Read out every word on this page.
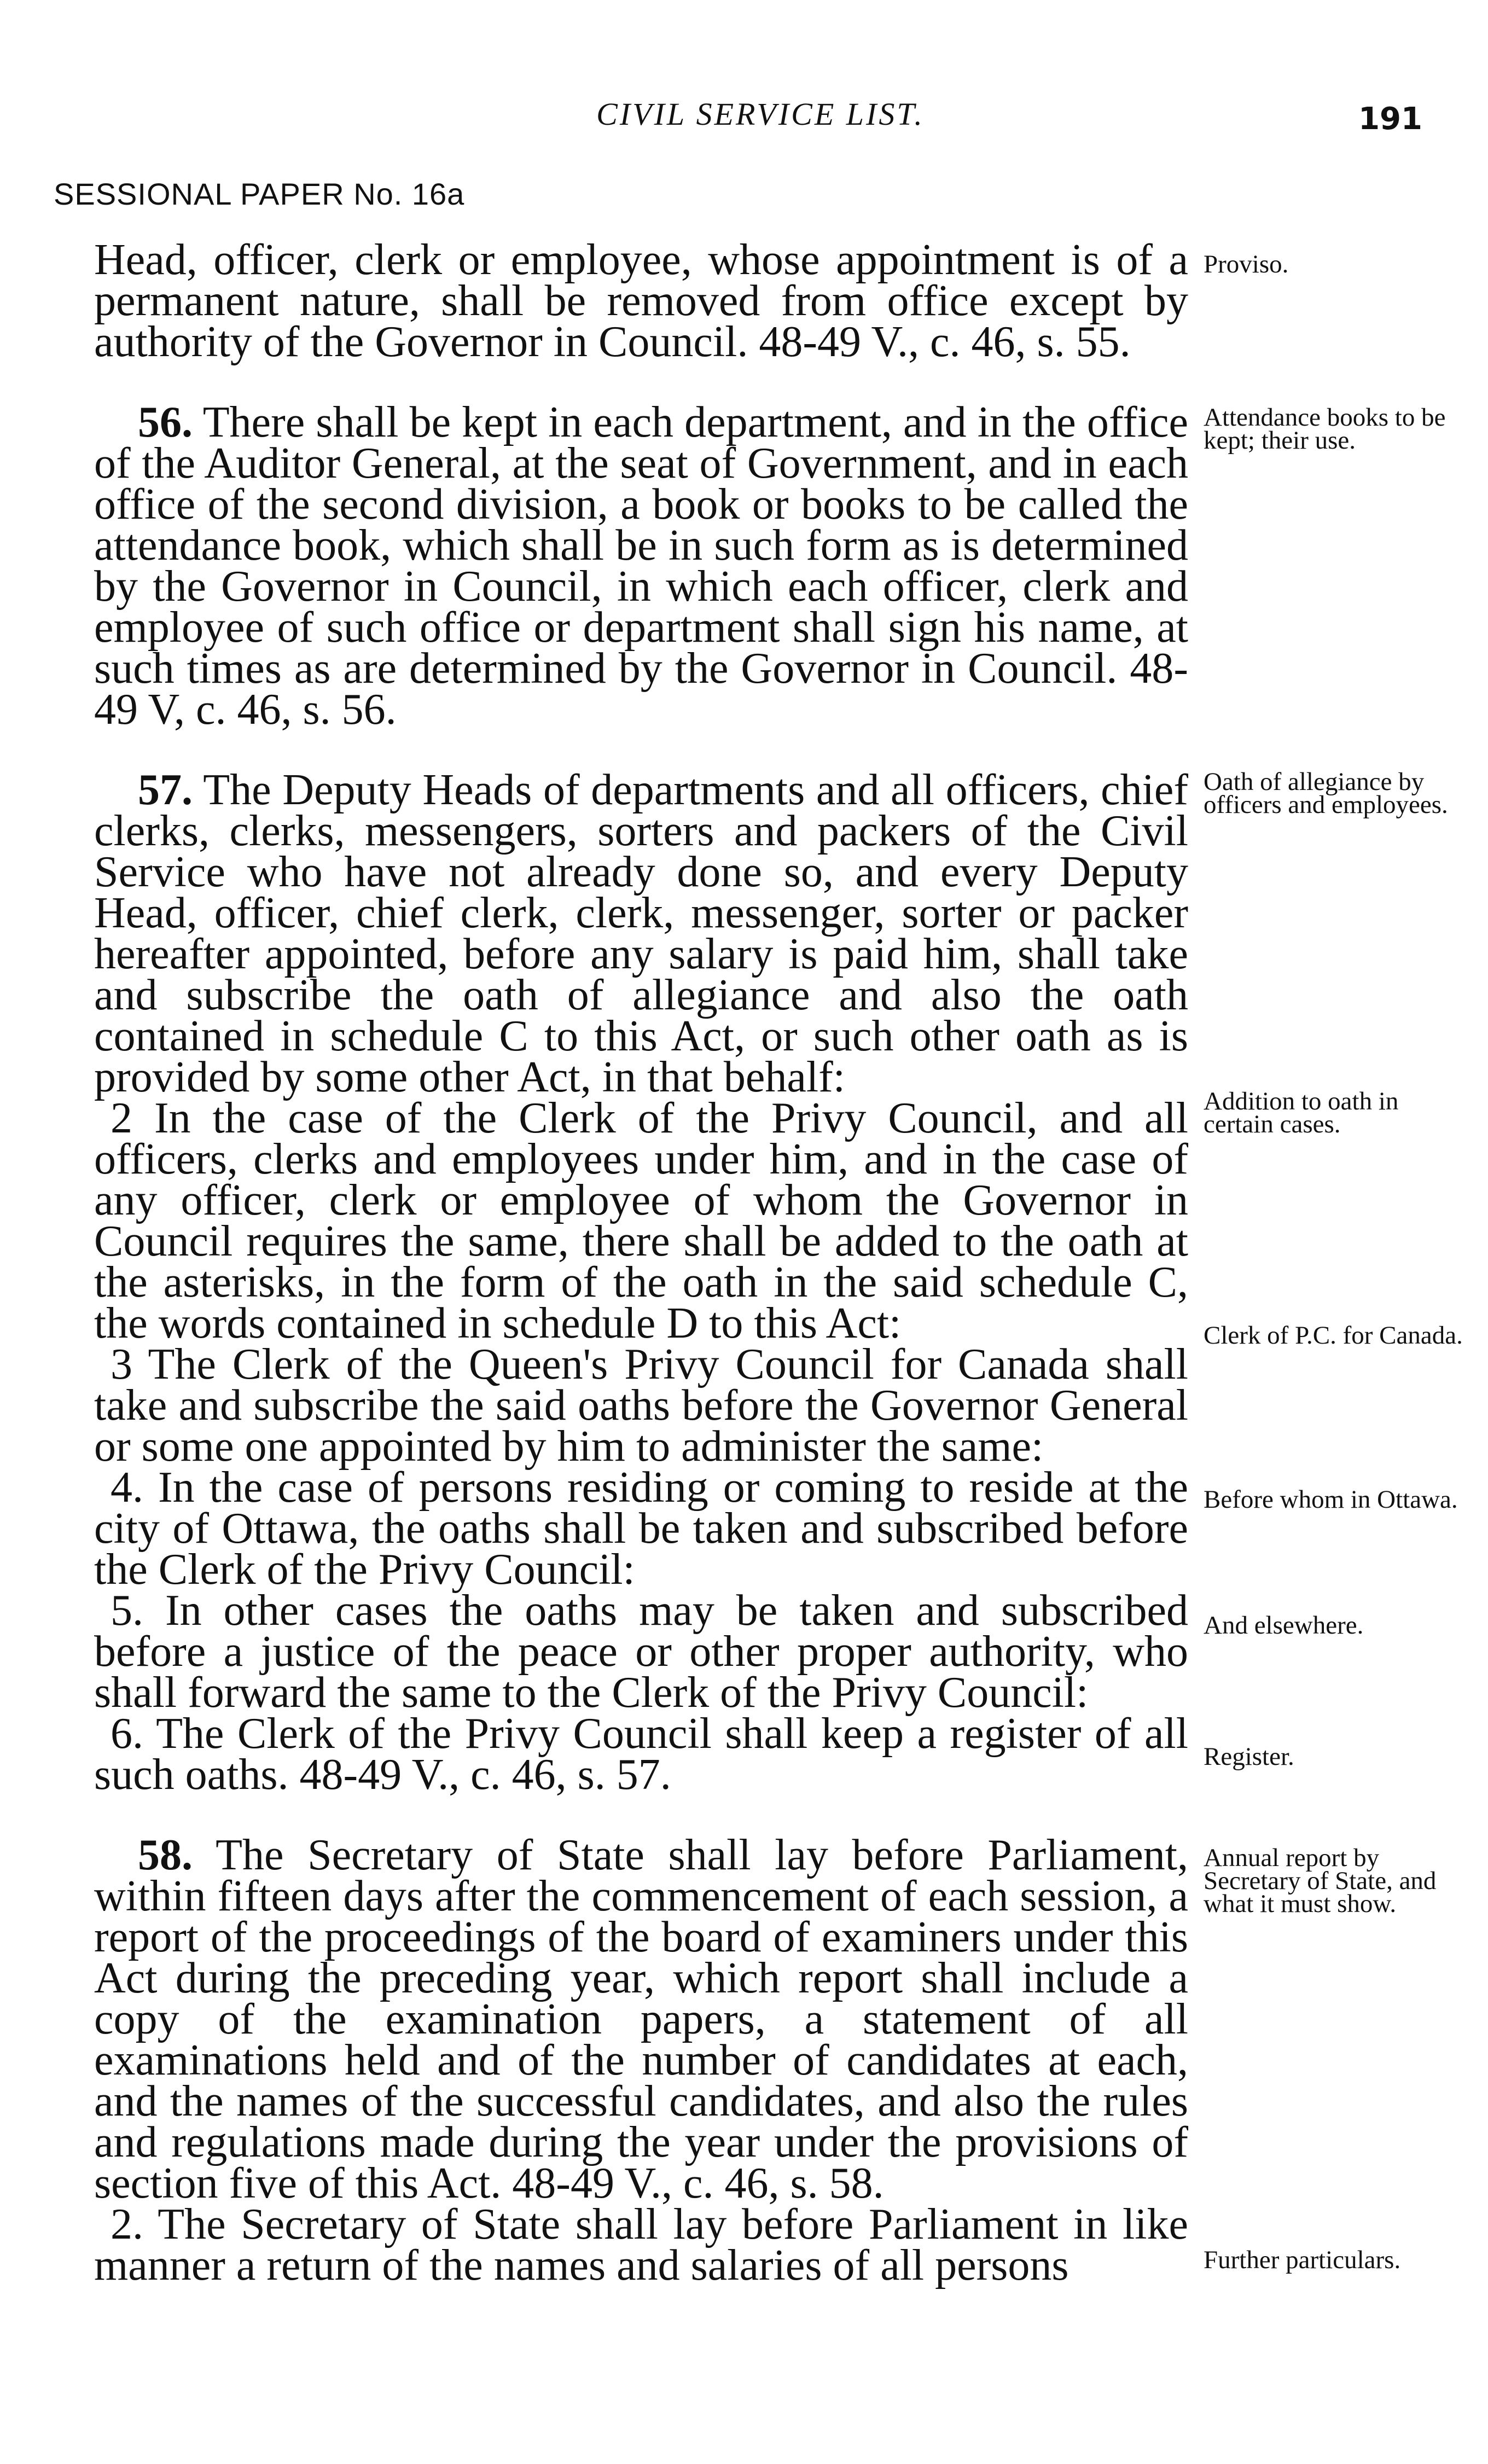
CIVIL SERVICE LIST.	191
SESSIONAL PAPER No. 16a

Head, officer, clerk or employee, whose appointment is of a permanent nature, shall be removed from office except by authority of the Governor in Council. 48-49 V., c. 46, s. 55.

56. There shall be kept in each department, and in the office of the Auditor General, at the seat of Government, and in each office of the second division, a book or books to be called the attendance book, which shall be in such form as is determined by the Governor in Council, in which each officer, clerk and employee of such office or department shall sign his name, at such times as are determined by the Governor in Council. 48-49 V, c. 46, s. 56.

57. The Deputy Heads of departments and all officers, chief clerks, clerks, messengers, sorters and packers of the Civil Service who have not already done so, and every Deputy Head, officer, chief clerk, clerk, messenger, sorter or packer hereafter appointed, before any salary is paid him, shall take and subscribe the oath of allegiance and also the oath contained in schedule C to this Act, or such other oath as is provided by some other Act, in that behalf:

2 In the case of the Clerk of the Privy Council, and all officers, clerks and employees under him, and in the case of any officer, clerk or employee of whom the Governor in Council requires the same, there shall be added to the oath at the asterisks, in the form of the oath in the said schedule C, the words contained in schedule D to this Act:

3 The Clerk of the Queen's Privy Council for Canada shall take and subscribe the said oaths before the Governor General or some one appointed by him to administer the same:

4. In the case of persons residing or coming to reside at the city of Ottawa, the oaths shall be taken and subscribed before the Clerk of the Privy Council:

5. In other cases the oaths may be taken and subscribed before a justice of the peace or other proper authority, who shall forward the same to the Clerk of the Privy Council:

6. The Clerk of the Privy Council shall keep a register of all such oaths. 48-49 V., c. 46, s. 57.

58. The Secretary of State shall lay before Parliament, within fifteen days after the commencement of each session, a report of the proceedings of the board of examiners under this Act during the preceding year, which report shall include a copy of the examination papers, a statement of all examinations held and of the number of candidates at each, and the names of the successful candidates, and also the rules and regulations made during the year under the provisions of section five of this Act. 48-49 V., c. 46, s. 58.

2. The Secretary of State shall lay before Parliament in like manner a return of the names and salaries of all persons

Proviso.
Attendance books to be kept; their use.
Oath of allegiance by officers and employees.
Addition to oath in certain cases.
Clerk of P.C. for Canada.
Before whom in Ottawa.
And elsewhere.
Register.
Annual report by Secretary of State, and what it must show.
Further particulars.
